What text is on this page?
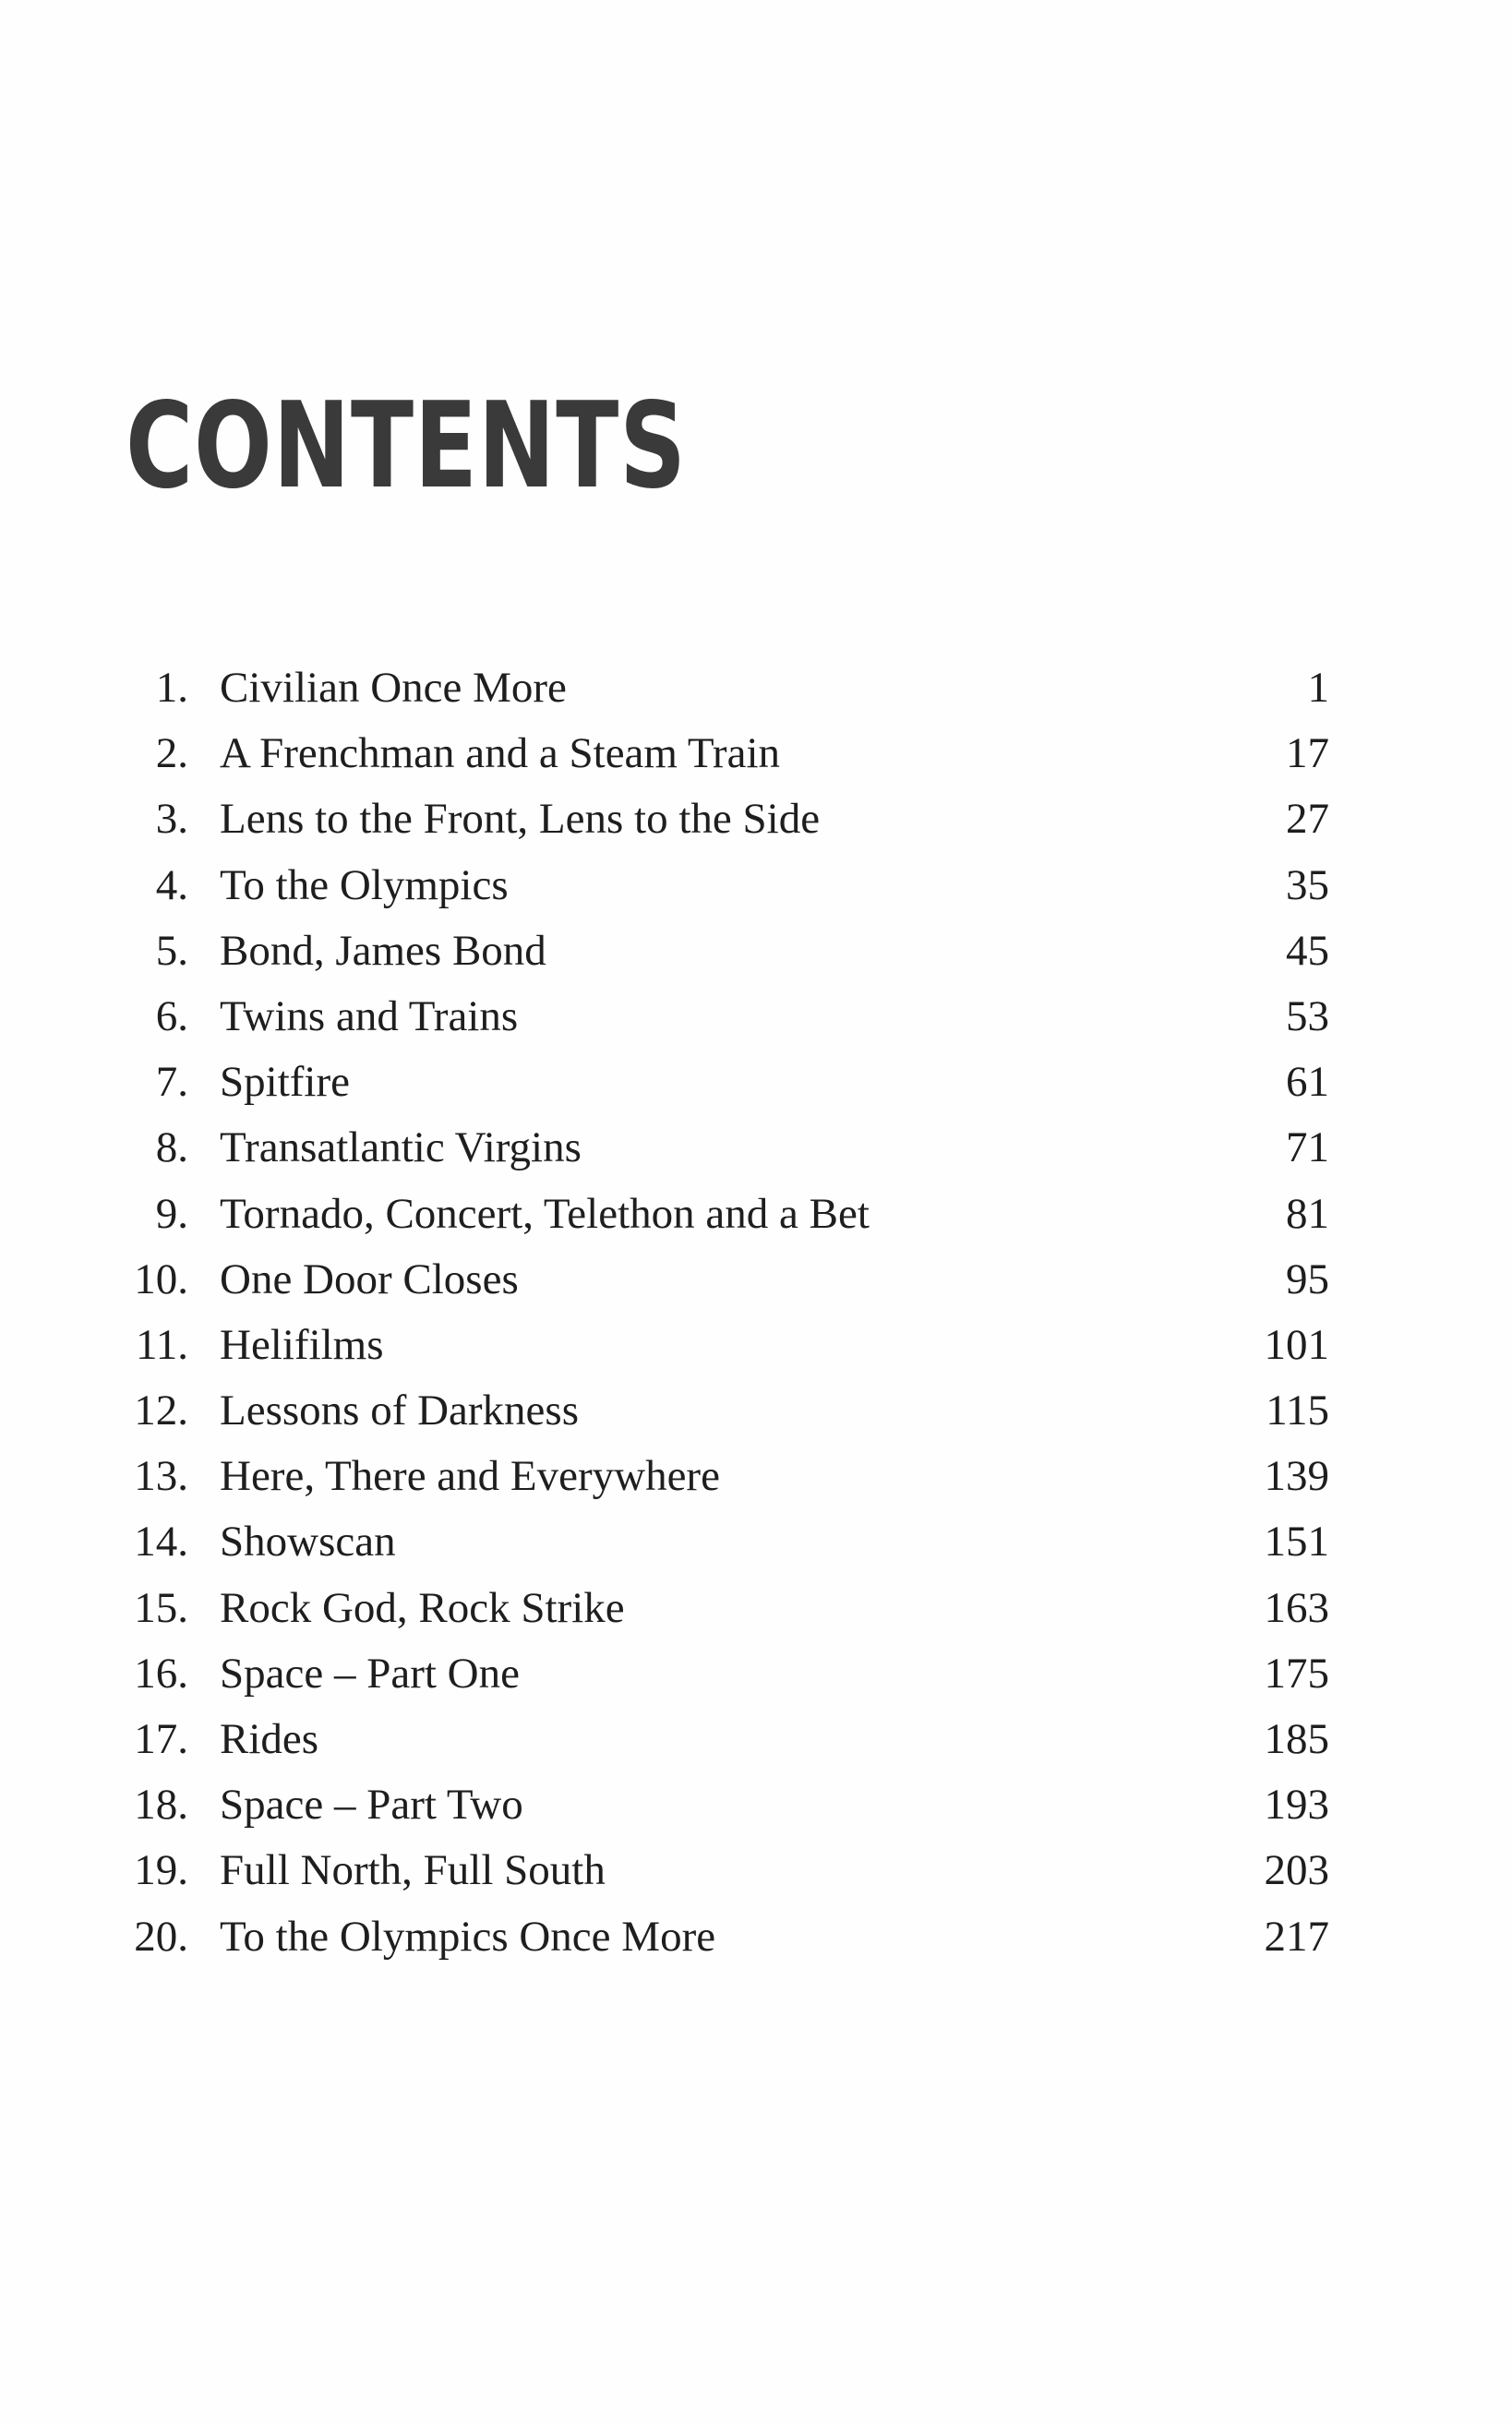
CONTENTS
1. Civilian Once More	1
2. A Frenchman and a Steam Train	17
3. Lens to the Front, Lens to the Side	27
4. To the Olympics	35
5. Bond, James Bond	45
6. Twins and Trains	53
7. Spitfire	61
8. Transatlantic Virgins	71
9. Tornado, Concert, Telethon and a Bet	81
10. One Door Closes	95
11. Helifilms	101
12. Lessons of Darkness	115
13. Here, There and Everywhere	139
14. Showscan	151
15. Rock God, Rock Strike	163
16. Space – Part One	175
17. Rides	185
18. Space – Part Two	193
19. Full North, Full South	203
20. To the Olympics Once More	217
